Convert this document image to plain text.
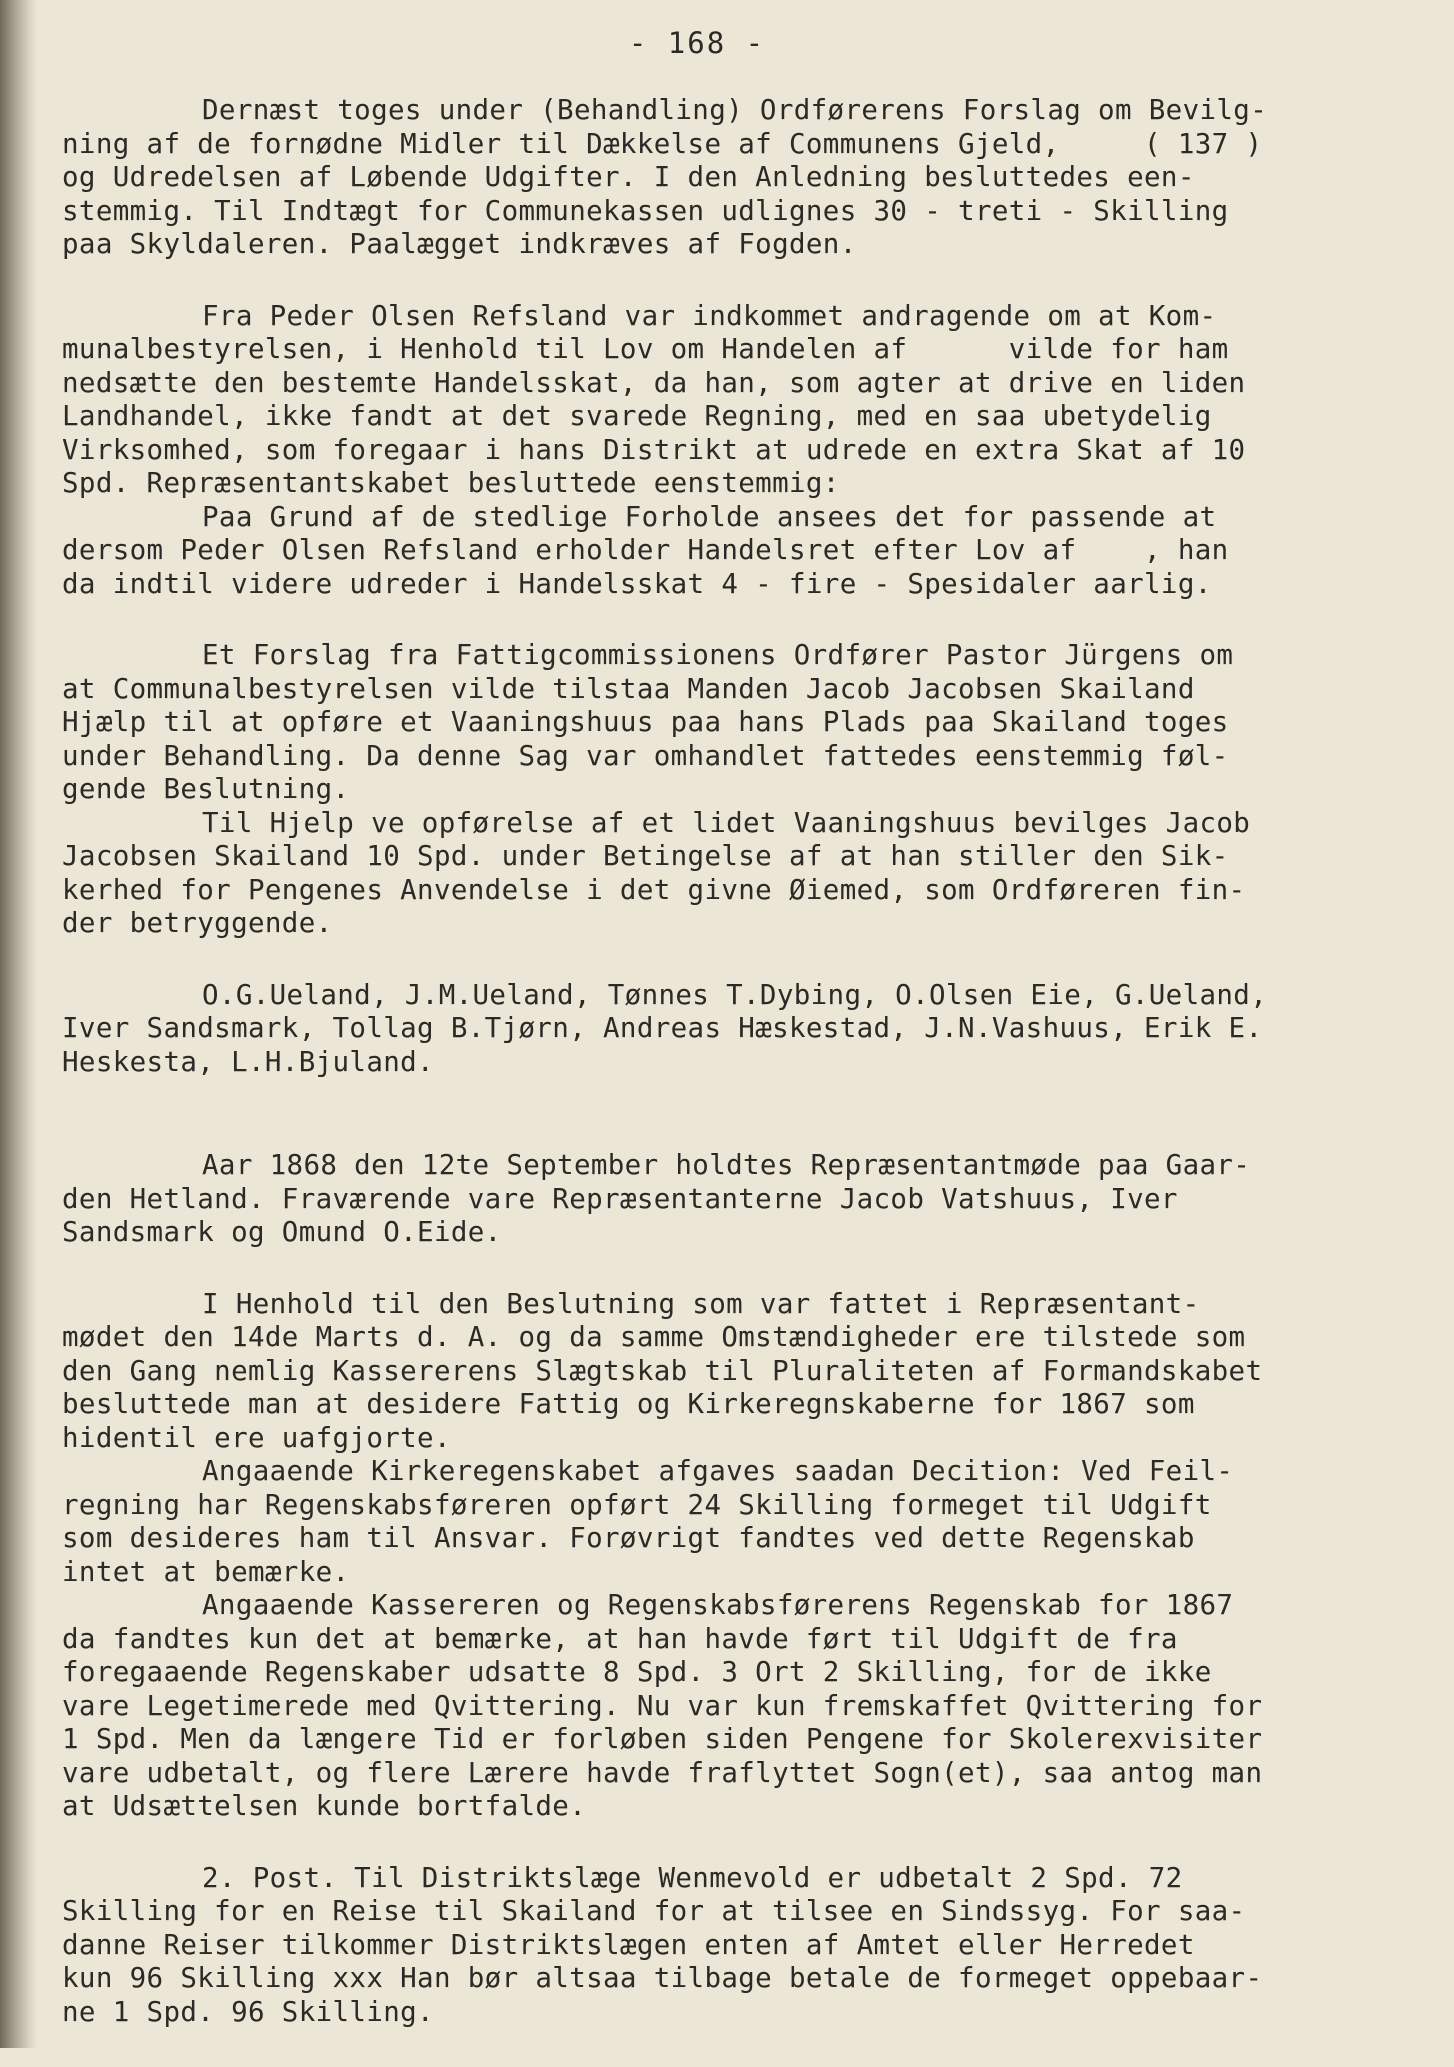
- 168 -
Dernæst toges under (Behandling) Ordførerens Forslag om Bevilg-
ning af de fornødne Midler til Dækkelse af Communens Gjeld,     ( 137 )
og Udredelsen af Løbende Udgifter. I den Anledning besluttedes een-
stemmig. Til Indtægt for Communekassen udlignes 30 - treti - Skilling
paa Skyldaleren. Paalægget indkræves af Fogden.
Fra Peder Olsen Refsland var indkommet andragende om at Kom-
munalbestyrelsen, i Henhold til Lov om Handelen af      vilde for ham
nedsætte den bestemte Handelsskat, da han, som agter at drive en liden
Landhandel, ikke fandt at det svarede Regning, med en saa ubetydelig
Virksomhed, som foregaar i hans Distrikt at udrede en extra Skat af 10
Spd. Repræsentantskabet besluttede eenstemmig:
Paa Grund af de stedlige Forholde ansees det for passende at
dersom Peder Olsen Refsland erholder Handelsret efter Lov af    , han
da indtil videre udreder i Handelsskat 4 - fire - Spesidaler aarlig.
Et Forslag fra Fattigcommissionens Ordfører Pastor Jürgens om
at Communalbestyrelsen vilde tilstaa Manden Jacob Jacobsen Skailand
Hjælp til at opføre et Vaaningshuus paa hans Plads paa Skailand toges
under Behandling. Da denne Sag var omhandlet fattedes eenstemmig føl-
gende Beslutning.
Til Hjelp ve opførelse af et lidet Vaaningshuus bevilges Jacob
Jacobsen Skailand 10 Spd. under Betingelse af at han stiller den Sik-
kerhed for Pengenes Anvendelse i det givne Øiemed, som Ordføreren fin-
der betryggende.
O.G.Ueland, J.M.Ueland, Tønnes T.Dybing, O.Olsen Eie, G.Ueland,
Iver Sandsmark, Tollag B.Tjørn, Andreas Hæskestad, J.N.Vashuus, Erik E.
Heskesta, L.H.Bjuland.
Aar 1868 den 12te September holdtes Repræsentantmøde paa Gaar-
den Hetland. Fraværende vare Repræsentanterne Jacob Vatshuus, Iver
Sandsmark og Omund O.Eide.
I Henhold til den Beslutning som var fattet i Repræsentant-
mødet den 14de Marts d. A. og da samme Omstændigheder ere tilstede som
den Gang nemlig Kassererens Slægtskab til Pluraliteten af Formandskabet
besluttede man at desidere Fattig og Kirkeregnskaberne for 1867 som
hidentil ere uafgjorte.
Angaaende Kirkeregenskabet afgaves saadan Decition: Ved Feil-
regning har Regenskabsføreren opført 24 Skilling formeget til Udgift
som desideres ham til Ansvar. Forøvrigt fandtes ved dette Regenskab
intet at bemærke.
Angaaende Kassereren og Regenskabsførerens Regenskab for 1867
da fandtes kun det at bemærke, at han havde ført til Udgift de fra
foregaaende Regenskaber udsatte 8 Spd. 3 Ort 2 Skilling, for de ikke
vare Legetimerede med Qvittering. Nu var kun fremskaffet Qvittering for
1 Spd. Men da længere Tid er forløben siden Pengene for Skolerexvisiter
vare udbetalt, og flere Lærere havde fraflyttet Sogn(et), saa antog man
at Udsættelsen kunde bortfalde.
2. Post. Til Distriktslæge Wenmevold er udbetalt 2 Spd. 72
Skilling for en Reise til Skailand for at tilsee en Sindssyg. For saa-
danne Reiser tilkommer Distriktslægen enten af Amtet eller Herredet
kun 96 Skilling xxx Han bør altsaa tilbage betale de formeget oppebaar-
ne 1 Spd. 96 Skilling.
